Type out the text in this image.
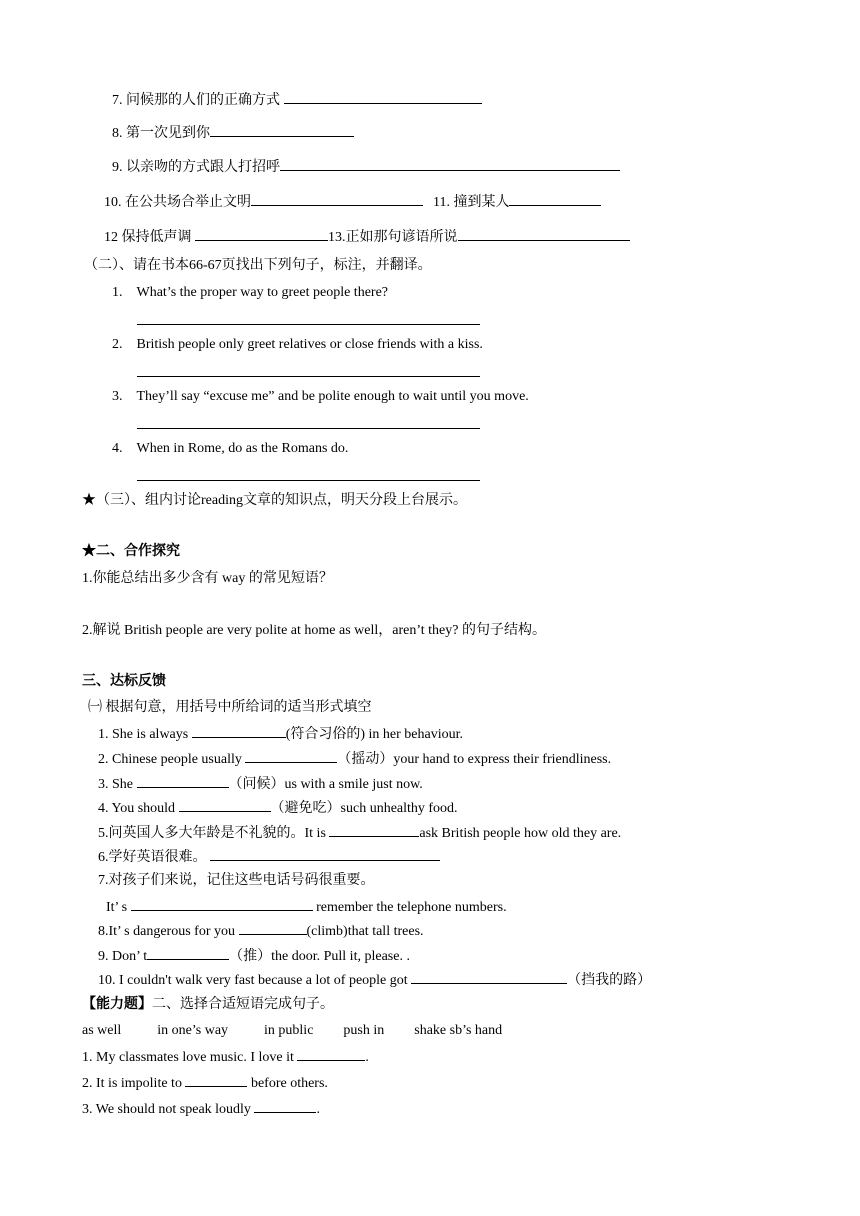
7. 问候那的人们的正确方式
8. 第一次见到你
9. 以亲吻的方式跟人打招呼
10. 在公共场合举止文明	11. 撞到某人
12 保持低声调	13.正如那句谚语所说
（二）、请在书本66-67页找出下列句子，标注，并翻译。
1. What’s the proper way to greet people there?
2. British people only greet relatives or close friends with a kiss.
3. They’ll say “excuse me” and be polite enough to wait until you move.
4. When in Rome, do as the Romans do.
★（三）、组内讨论reading文章的知识点，明天分段上台展示。
★二、合作探究
1.你能总结出多少含有 way 的常见短语？
2.解说 British people are very polite at home as well，aren’t they? 的句子结构。
三、达标反馈
㈠ 根据句意，用括号中所给词的适当形式填空
1. She is always	(符合习俗的) in her behaviour.
2. Chinese people usually	（摇动）your hand to express their friendliness.
3. She	（问候）us with a smile just now.
4. You should	（避免吃）such unhealthy food.
5.问英国人多大年龄是不礼貌的。It is	ask British people how old they are.
6.学好英语很难。
7.对孩子们来说，记住这些电话号码很重要。
It’ s	remember the telephone numbers.
8.It’ s dangerous for you	(climb)that tall trees.
9. Don’ t	（推）the door. Pull it, please. .
10. I couldn't walk very fast because a lot of people got	（挡我的路）
【能力题】二、选择合适短语完成句子。
as well	in one’s way	in public push in shake sb’s hand
1. My classmates love music. I love it	.
2. It is impolite to	before others.
3. We should not speak loudly	.
